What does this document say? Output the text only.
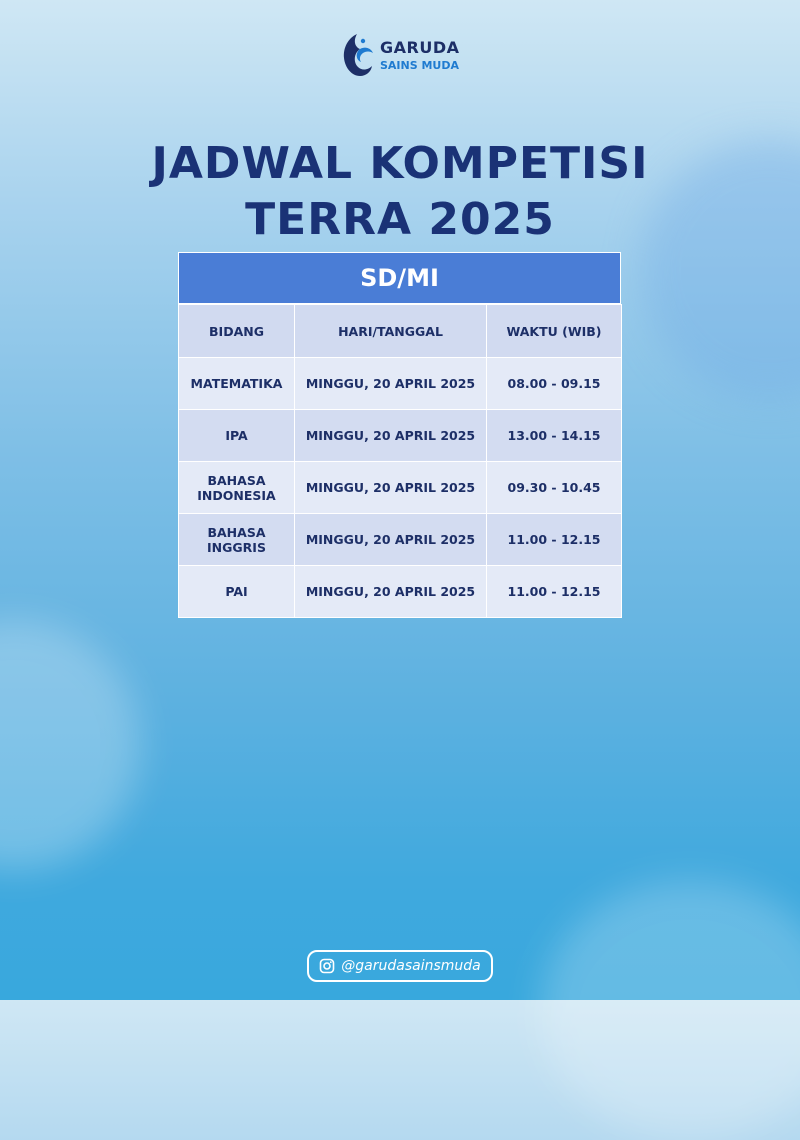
GARUDA
SAINS MUDA
JADWAL KOMPETISI
TERRA 2025
SD/MI
BIDANG	HARI/TANGGAL	WAKTU (WIB)
MATEMATIKA	MINGGU, 20 APRIL 2025	08.00 - 09.15
IPA	MINGGU, 20 APRIL 2025	13.00 - 14.15
BAHASA INDONESIA	MINGGU, 20 APRIL 2025	09.30 - 10.45
BAHASA INGGRIS	MINGGU, 20 APRIL 2025	11.00 - 12.15
PAI	MINGGU, 20 APRIL 2025	11.00 - 12.15
@garudasainsmuda
